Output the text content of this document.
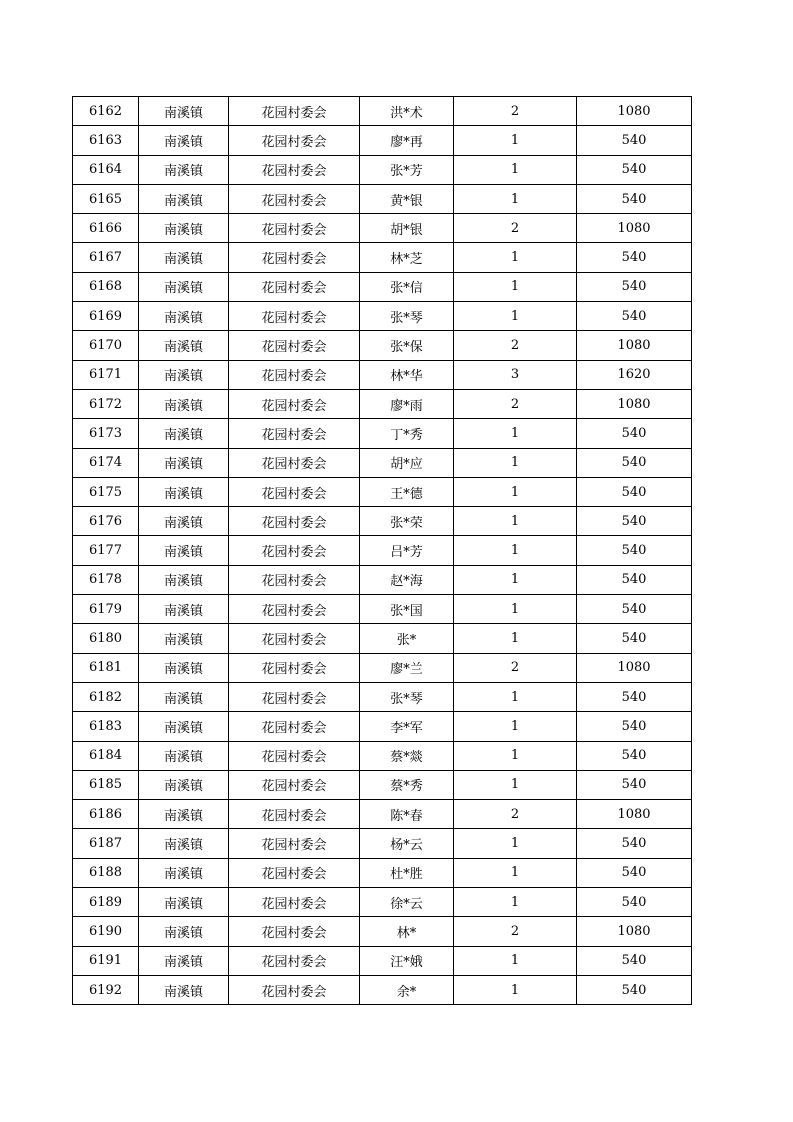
6162	南溪镇	花园村委会	洪*术	2	1080
6163	南溪镇	花园村委会	廖*再	1	540
6164	南溪镇	花园村委会	张*芳	1	540
6165	南溪镇	花园村委会	黄*银	1	540
6166	南溪镇	花园村委会	胡*银	2	1080
6167	南溪镇	花园村委会	林*芝	1	540
6168	南溪镇	花园村委会	张*信	1	540
6169	南溪镇	花园村委会	张*琴	1	540
6170	南溪镇	花园村委会	张*保	2	1080
6171	南溪镇	花园村委会	林*华	3	1620
6172	南溪镇	花园村委会	廖*雨	2	1080
6173	南溪镇	花园村委会	丁*秀	1	540
6174	南溪镇	花园村委会	胡*应	1	540
6175	南溪镇	花园村委会	王*德	1	540
6176	南溪镇	花园村委会	张*荣	1	540
6177	南溪镇	花园村委会	吕*芳	1	540
6178	南溪镇	花园村委会	赵*海	1	540
6179	南溪镇	花园村委会	张*国	1	540
6180	南溪镇	花园村委会	张*	1	540
6181	南溪镇	花园村委会	廖*兰	2	1080
6182	南溪镇	花园村委会	张*琴	1	540
6183	南溪镇	花园村委会	李*军	1	540
6184	南溪镇	花园村委会	蔡*燚	1	540
6185	南溪镇	花园村委会	蔡*秀	1	540
6186	南溪镇	花园村委会	陈*春	2	1080
6187	南溪镇	花园村委会	杨*云	1	540
6188	南溪镇	花园村委会	杜*胜	1	540
6189	南溪镇	花园村委会	徐*云	1	540
6190	南溪镇	花园村委会	林*	2	1080
6191	南溪镇	花园村委会	汪*娥	1	540
6192	南溪镇	花园村委会	余*	1	540
